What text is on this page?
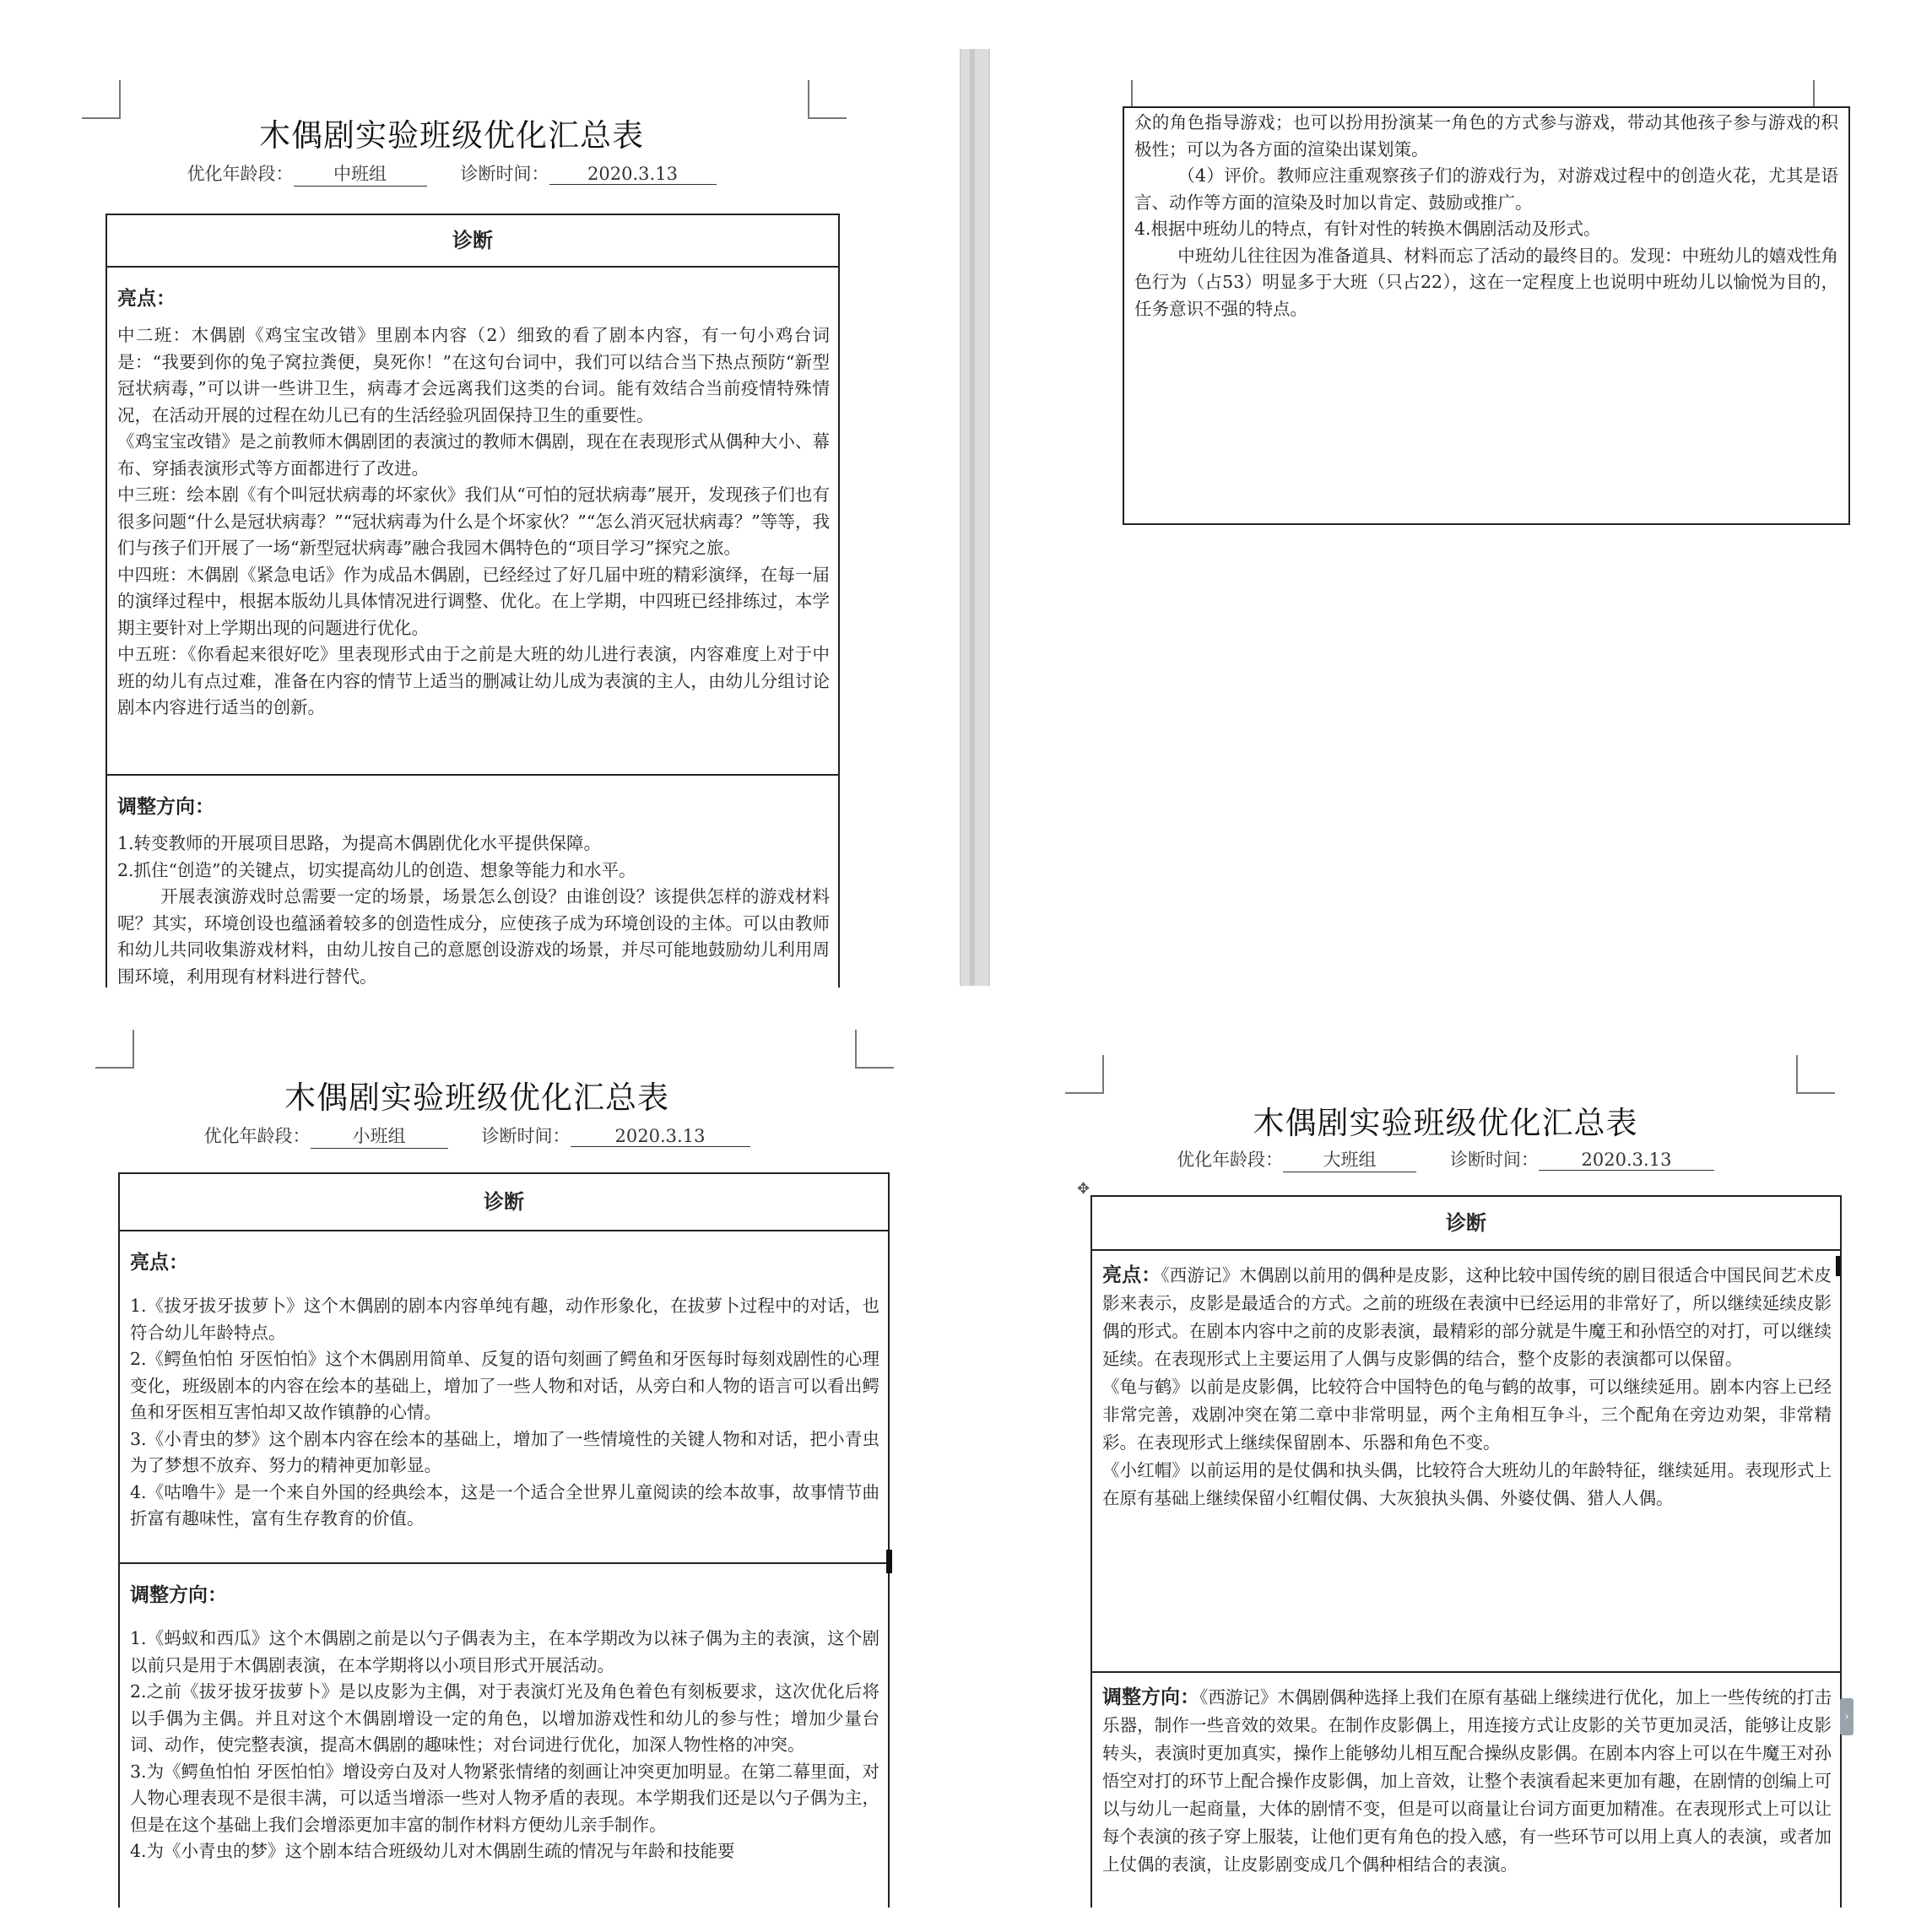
木偶剧实验班级优化汇总表
优化年龄段： 中班组	诊断时间： 2020.3.13
诊断
亮点：

中二班：木偶剧《鸡宝宝改错》里剧本内容（2）细致的看了剧本内容，有一句小鸡台词是：“我要到你的兔子窝拉粪便，臭死你！”在这句台词中，我们可以结合当下热点预防“新型冠状病毒，”可以讲一些讲卫生，病毒才会远离我们这类的台词。能有效结合当前疫情特殊情况，在活动开展的过程在幼儿已有的生活经验巩固保持卫生的重要性。

《鸡宝宝改错》是之前教师木偶剧团的表演过的教师木偶剧，现在在表现形式从偶种大小、幕布、穿插表演形式等方面都进行了改进。

中三班：绘本剧《有个叫冠状病毒的坏家伙》我们从“可怕的冠状病毒”展开，发现孩子们也有很多问题“什么是冠状病毒？”“冠状病毒为什么是个坏家伙？”“怎么消灭冠状病毒？”等等，我们与孩子们开展了一场“新型冠状病毒”融合我园木偶特色的“项目学习”探究之旅。

中四班：木偶剧《紧急电话》作为成品木偶剧，已经经过了好几届中班的精彩演绎，在每一届的演绎过程中，根据本版幼儿具体情况进行调整、优化。在上学期，中四班已经排练过，本学期主要针对上学期出现的问题进行优化。

中五班：《你看起来很好吃》里表现形式由于之前是大班的幼儿进行表演，内容难度上对于中班的幼儿有点过难，准备在内容的情节上适当的删减让幼儿成为表演的主人，由幼儿分组讨论剧本内容进行适当的创新。

调整方向：

1.转变教师的开展项目思路，为提高木偶剧优化水平提供保障。

2.抓住“创造”的关键点，切实提高幼儿的创造、想象等能力和水平。

开展表演游戏时总需要一定的场景，场景怎么创设？由谁创设？该提供怎样的游戏材料呢？其实，环境创设也蕴涵着较多的创造性成分，应使孩子成为环境创设的主体。可以由教师和幼儿共同收集游戏材料，由幼儿按自己的意愿创设游戏的场景，并尽可能地鼓励幼儿利用周围环境，利用现有材料进行替代。

众的角色指导游戏；也可以扮用扮演某一角色的方式参与游戏，带动其他孩子参与游戏的积极性；可以为各方面的渲染出谋划策。

（4）评价。教师应注重观察孩子们的游戏行为，对游戏过程中的创造火花，尤其是语言、动作等方面的渲染及时加以肯定、鼓励或推广。

4.根据中班幼儿的特点，有针对性的转换木偶剧活动及形式。

中班幼儿往往因为准备道具、材料而忘了活动的最终目的。发现：中班幼儿的嬉戏性角色行为（占53）明显多于大班（只占22），这在一定程度上也说明中班幼儿以愉悦为目的，任务意识不强的特点。

木偶剧实验班级优化汇总表
优化年龄段： 小班组	诊断时间：	2020.3.13
诊断
亮点：

1.《拔牙拔牙拔萝卜》这个木偶剧的剧本内容单纯有趣，动作形象化，在拔萝卜过程中的对话，也符合幼儿年龄特点。

2.《鳄鱼怕怕 牙医怕怕》这个木偶剧用简单、反复的语句刻画了鳄鱼和牙医每时每刻戏剧性的心理变化，班级剧本的内容在绘本的基础上，增加了一些人物和对话，从旁白和人物的语言可以看出鳄鱼和牙医相互害怕却又故作镇静的心情。

3.《小青虫的梦》这个剧本内容在绘本的基础上，增加了一些情境性的关键人物和对话，把小青虫为了梦想不放弃、努力的精神更加彰显。

4.《咕噜牛》是一个来自外国的经典绘本，这是一个适合全世界儿童阅读的绘本故事，故事情节曲折富有趣味性，富有生存教育的价值。

调整方向：

1.《蚂蚁和西瓜》这个木偶剧之前是以勺子偶表为主，在本学期改为以袜子偶为主的表演，这个剧以前只是用于木偶剧表演，在本学期将以小项目形式开展活动。

2.之前《拔牙拔牙拔萝卜》是以皮影为主偶，对于表演灯光及角色着色有刻板要求，这次优化后将以手偶为主偶。并且对这个木偶剧增设一定的角色，以增加游戏性和幼儿的参与性；增加少量台词、动作，使完整表演，提高木偶剧的趣味性；对台词进行优化，加深人物性格的冲突。

3.为《鳄鱼怕怕 牙医怕怕》增设旁白及对人物紧张情绪的刻画让冲突更加明显。在第二幕里面，对人物心理表现不是很丰满，可以适当增添一些对人物矛盾的表现。本学期我们还是以勺子偶为主，但是在这个基础上我们会增添更加丰富的制作材料方便幼儿亲手制作。

4.为《小青虫的梦》这个剧本结合班级幼儿对木偶剧生疏的情况与年龄和技能要

木偶剧实验班级优化汇总表
优化年龄段： 大班组	诊断时间： 2020.3.13
✥
诊断

亮点：《西游记》木偶剧以前用的偶种是皮影，这种比较中国传统的剧目很适合中国民间艺术皮影来表示，皮影是最适合的方式。之前的班级在表演中已经运用的非常好了，所以继续延续皮影偶的形式。在剧本内容中之前的皮影表演，最精彩的部分就是牛魔王和孙悟空的对打，可以继续延续。在表现形式上主要运用了人偶与皮影偶的结合，整个皮影的表演都可以保留。

《龟与鹤》以前是皮影偶，比较符合中国特色的龟与鹤的故事，可以继续延用。剧本内容上已经非常完善，戏剧冲突在第二章中非常明显，两个主角相互争斗，三个配角在旁边劝架，非常精彩。在表现形式上继续保留剧本、乐器和角色不变。

《小红帽》以前运用的是仗偶和执头偶，比较符合大班幼儿的年龄特征，继续延用。表现形式上在原有基础上继续保留小红帽仗偶、大灰狼执头偶、外婆仗偶、猎人人偶。

调整方向：《西游记》木偶剧偶种选择上我们在原有基础上继续进行优化，加上一些传统的打击乐器，制作一些音效的效果。在制作皮影偶上，用连接方式让皮影的关节更加灵活，能够让皮影转头，表演时更加真实，操作上能够幼儿相互配合操纵皮影偶。在剧本内容上可以在牛魔王对孙悟空对打的环节上配合操作皮影偶，加上音效，让整个表演看起来更加有趣，在剧情的创编上可以与幼儿一起商量，大体的剧情不变，但是可以商量让台词方面更加精准。在表现形式上可以让每个表演的孩子穿上服装，让他们更有角色的投入感，有一些环节可以用上真人的表演，或者加上仗偶的表演，让皮影剧变成几个偶种相结合的表演。

›
